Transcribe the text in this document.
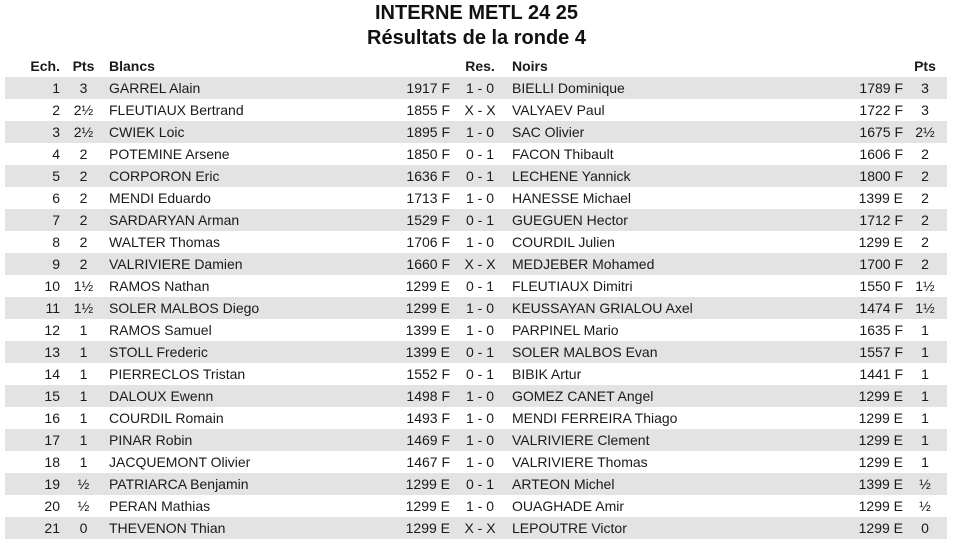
INTERNE METL 24 25
Résultats de la ronde 4
Ech.	Pts	Blancs		Res.	Noirs		Pts
1	3	GARREL Alain	1917 F	1 - 0	BIELLI Dominique	1789 F	3
2	2½	FLEUTIAUX Bertrand	1855 F	X - X	VALYAEV Paul	1722 F	3
3	2½	CWIEK Loic	1895 F	1 - 0	SAC Olivier	1675 F	2½
4	2	POTEMINE Arsene	1850 F	0 - 1	FACON Thibault	1606 F	2
5	2	CORPORON Eric	1636 F	0 - 1	LECHENE Yannick	1800 F	2
6	2	MENDI Eduardo	1713 F	1 - 0	HANESSE Michael	1399 E	2
7	2	SARDARYAN Arman	1529 F	0 - 1	GUEGUEN Hector	1712 F	2
8	2	WALTER Thomas	1706 F	1 - 0	COURDIL Julien	1299 E	2
9	2	VALRIVIERE Damien	1660 F	X - X	MEDJEBER Mohamed	1700 F	2
10	1½	RAMOS Nathan	1299 E	0 - 1	FLEUTIAUX Dimitri	1550 F	1½
11	1½	SOLER MALBOS Diego	1299 E	1 - 0	KEUSSAYAN GRIALOU Axel	1474 F	1½
12	1	RAMOS Samuel	1399 E	1 - 0	PARPINEL Mario	1635 F	1
13	1	STOLL Frederic	1399 E	0 - 1	SOLER MALBOS Evan	1557 F	1
14	1	PIERRECLOS Tristan	1552 F	0 - 1	BIBIK Artur	1441 F	1
15	1	DALOUX Ewenn	1498 F	1 - 0	GOMEZ CANET Angel	1299 E	1
16	1	COURDIL Romain	1493 F	1 - 0	MENDI FERREIRA Thiago	1299 E	1
17	1	PINAR Robin	1469 F	1 - 0	VALRIVIERE Clement	1299 E	1
18	1	JACQUEMONT Olivier	1467 F	1 - 0	VALRIVIERE Thomas	1299 E	1
19	½	PATRIARCA Benjamin	1299 E	0 - 1	ARTEON Michel	1399 E	½
20	½	PERAN Mathias	1299 E	1 - 0	OUAGHADE Amir	1299 E	½
21	0	THEVENON Thian	1299 E	X - X	LEPOUTRE Victor	1299 E	0
